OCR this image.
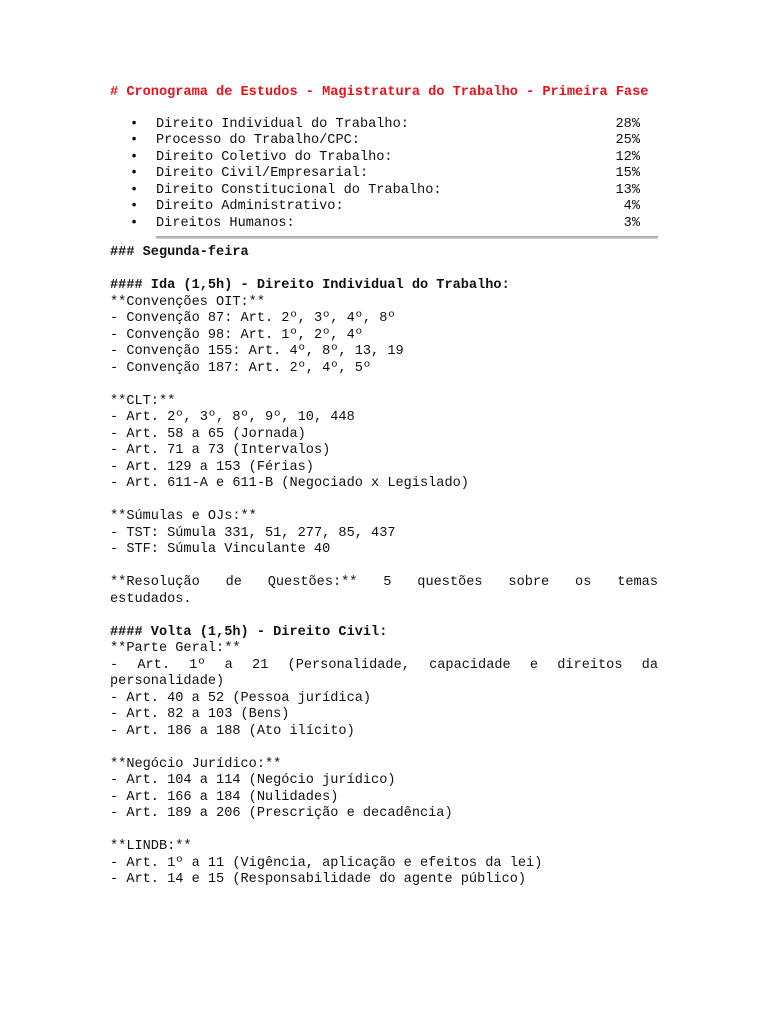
# Cronograma de Estudos - Magistratura do Trabalho - Primeira Fase
• Direito Individual do Trabalho:	28%
• Processo do Trabalho/CPC:	25%
• Direito Coletivo do Trabalho:	12%
• Direito Civil/Empresarial:	15%
• Direito Constitucional do Trabalho:	13%
• Direito Administrativo:	4%
• Direitos Humanos:	3%
### Segunda-feira
#### Ida (1,5h) - Direito Individual do Trabalho:
**Convenções OIT:**
- Convenção 87: Art. 2º, 3º, 4º, 8º
- Convenção 98: Art. 1º, 2º, 4º
- Convenção 155: Art. 4º, 8º, 13, 19
- Convenção 187: Art. 2º, 4º, 5º
**CLT:**
- Art. 2º, 3º, 8º, 9º, 10, 448
- Art. 58 a 65 (Jornada)
- Art. 71 a 73 (Intervalos)
- Art. 129 a 153 (Férias)
- Art. 611-A e 611-B (Negociado x Legislado)
**Súmulas e OJs:**
- TST: Súmula 331, 51, 277, 85, 437
- STF: Súmula Vinculante 40
**Resolução de Questões:** 5 questões sobre os temas
estudados.
#### Volta (1,5h) - Direito Civil:
**Parte Geral:**
- Art. 1º a 21 (Personalidade, capacidade e direitos da
personalidade)
- Art. 40 a 52 (Pessoa jurídica)
- Art. 82 a 103 (Bens)
- Art. 186 a 188 (Ato ilícito)
**Negócio Jurídico:**
- Art. 104 a 114 (Negócio jurídico)
- Art. 166 a 184 (Nulidades)
- Art. 189 a 206 (Prescrição e decadência)
**LINDB:**
- Art. 1º a 11 (Vigência, aplicação e efeitos da lei)
- Art. 14 e 15 (Responsabilidade do agente público)
